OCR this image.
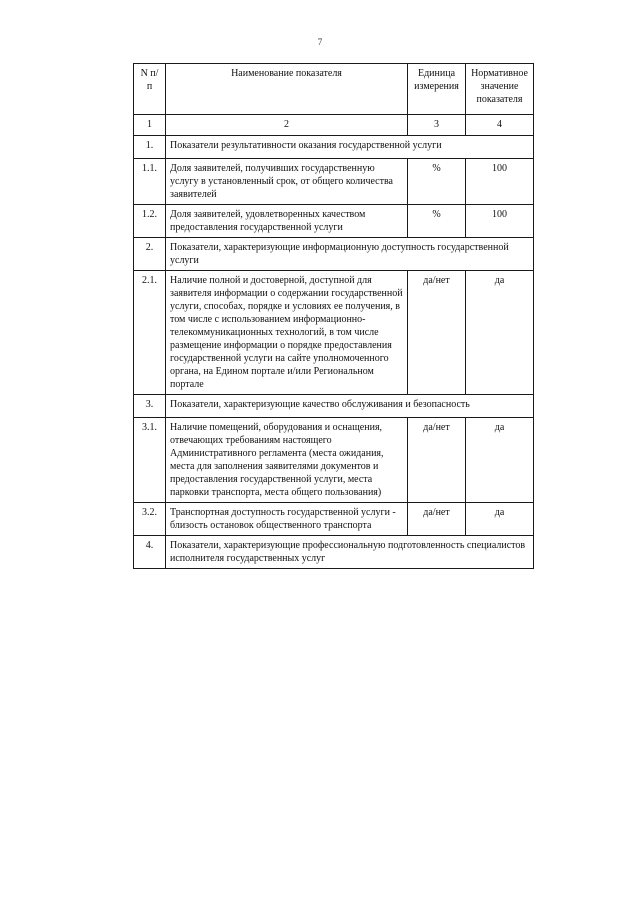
7
N п/п	Наименование показателя	Единица измерения	Нормативное значение показателя
1	2	3	4
1.	Показатели результативности оказания государственной услуги		
1.1.	Доля заявителей, получивших государственную услугу в установленный срок, от общего количества заявителей	%	100
1.2.	Доля заявителей, удовлетворенных качеством предоставления государственной услуги	%	100
2.	Показатели, характеризующие информационную доступность государственной услуги		
2.1.	Наличие полной и достоверной, доступной для заявителя информации о содержании государственной услуги, способах, порядке и условиях ее получения, в том числе с использованием информационно-телекоммуникационных технологий, в том числе размещение информации о порядке предоставления государственной услуги на сайте уполномоченного органа, на Едином портале и/или Региональном портале	да/нет	да
3.	Показатели, характеризующие качество обслуживания и безопасность		
3.1.	Наличие помещений, оборудования и оснащения, отвечающих требованиям настоящего Административного регламента (места ожидания, места для заполнения заявителями документов и предоставления государственной услуги, места парковки транспорта, места общего пользования)	да/нет	да
3.2.	Транспортная доступность государственной услуги - близость остановок общественного транспорта	да/нет	да
4.	Показатели, характеризующие профессиональную подготовленность специалистов исполнителя государственных услуг		
